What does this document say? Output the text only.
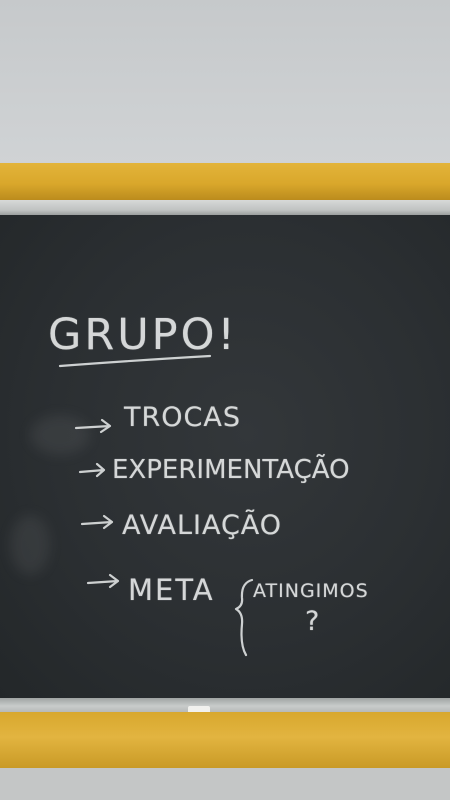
GRUPO!
TROCAS
EXPERIMENTAÇÃO
AVALIAÇÃO
META ATINGIMOS
?
